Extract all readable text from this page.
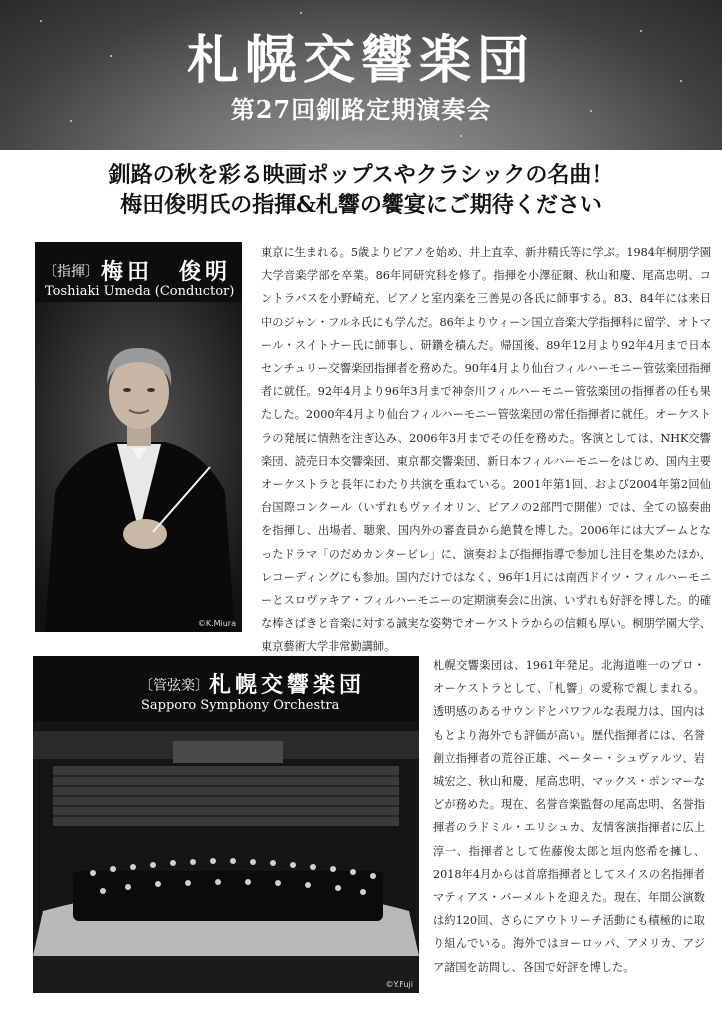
札幌交響楽団
第27回釧路定期演奏会
釧路の秋を彩る映画ポップスやクラシックの名曲！
梅田俊明氏の指揮&札響の饗宴にご期待ください
〔指揮〕 梅田　俊明
Toshiaki Umeda (Conductor)
©K.Miura
東京に生まれる。5歳よりピアノを始め、井上直幸、新井精氏等に学ぶ。1984年桐朋学園大学音楽学部を卒業。86年同研究科を修了。指揮を小澤征爾、秋山和慶、尾高忠明、コントラバスを小野崎充、ピアノと室内楽を三善晃の各氏に師事する。83、84年には来日中のジャン・フルネ氏にも学んだ。86年よりウィーン国立音楽大学指揮科に留学、オトマール・スイトナー氏に師事し、研鑽を積んだ。帰国後、89年12月より92年4月まで日本センチュリー交響楽団指揮者を務めた。90年4月より仙台フィルハーモニー管弦楽団指揮者に就任。92年4月より96年3月まで神奈川フィルハーモニー管弦楽団の指揮者の任も果たした。2000年4月より仙台フィルハーモニー管弦楽団の常任指揮者に就任。オーケストラの発展に情熱を注ぎ込み、2006年3月までその任を務めた。客演としては、NHK交響楽団、読売日本交響楽団、東京都交響楽団、新日本フィルハーモニーをはじめ、国内主要オーケストラと長年にわたり共演を重ねている。2001年第1回、および2004年第2回仙台国際コンクール（いずれもヴァイオリン、ピアノの2部門で開催）では、全ての協奏曲を指揮し、出場者、聴衆、国内外の審査員から絶賛を博した。2006年には大ブームとなったドラマ「のだめカンタービレ」に、演奏および指揮指導で参加し注目を集めたほか、レコーディングにも参加。国内だけではなく、96年1月には南西ドイツ・フィルハーモニーとスロヴァキア・フィルハーモニーの定期演奏会に出演、いずれも好評を博した。的確な棒さばきと音楽に対する誠実な姿勢でオーケストラからの信頼も厚い。桐朋学園大学、東京藝術大学非常勤講師。
〔管弦楽〕 札幌交響楽団
Sapporo Symphony Orchestra
©Y.Fuji
札幌交響楽団は、1961年発足。北海道唯一のプロ・オーケストラとして、「札響」の愛称で親しまれる。透明感のあるサウンドとパワフルな表現力は、国内はもとより海外でも評価が高い。歴代指揮者には、名誉創立指揮者の荒谷正雄、ペーター・シュヴァルツ、岩城宏之、秋山和慶、尾高忠明、マックス・ポンマーなどが務めた。現在、名誉音楽監督の尾高忠明、名誉指揮者のラドミル・エリシュカ、友情客演指揮者に広上淳一、指揮者として佐藤俊太郎と垣内悠希を擁し、2018年4月からは首席指揮者としてスイスの名指揮者マティアス・バーメルトを迎えた。現在、年間公演数は約120回、さらにアウトリーチ活動にも積極的に取り組んでいる。海外ではヨーロッパ、アメリカ、アジア諸国を訪問し、各国で好評を博した。
